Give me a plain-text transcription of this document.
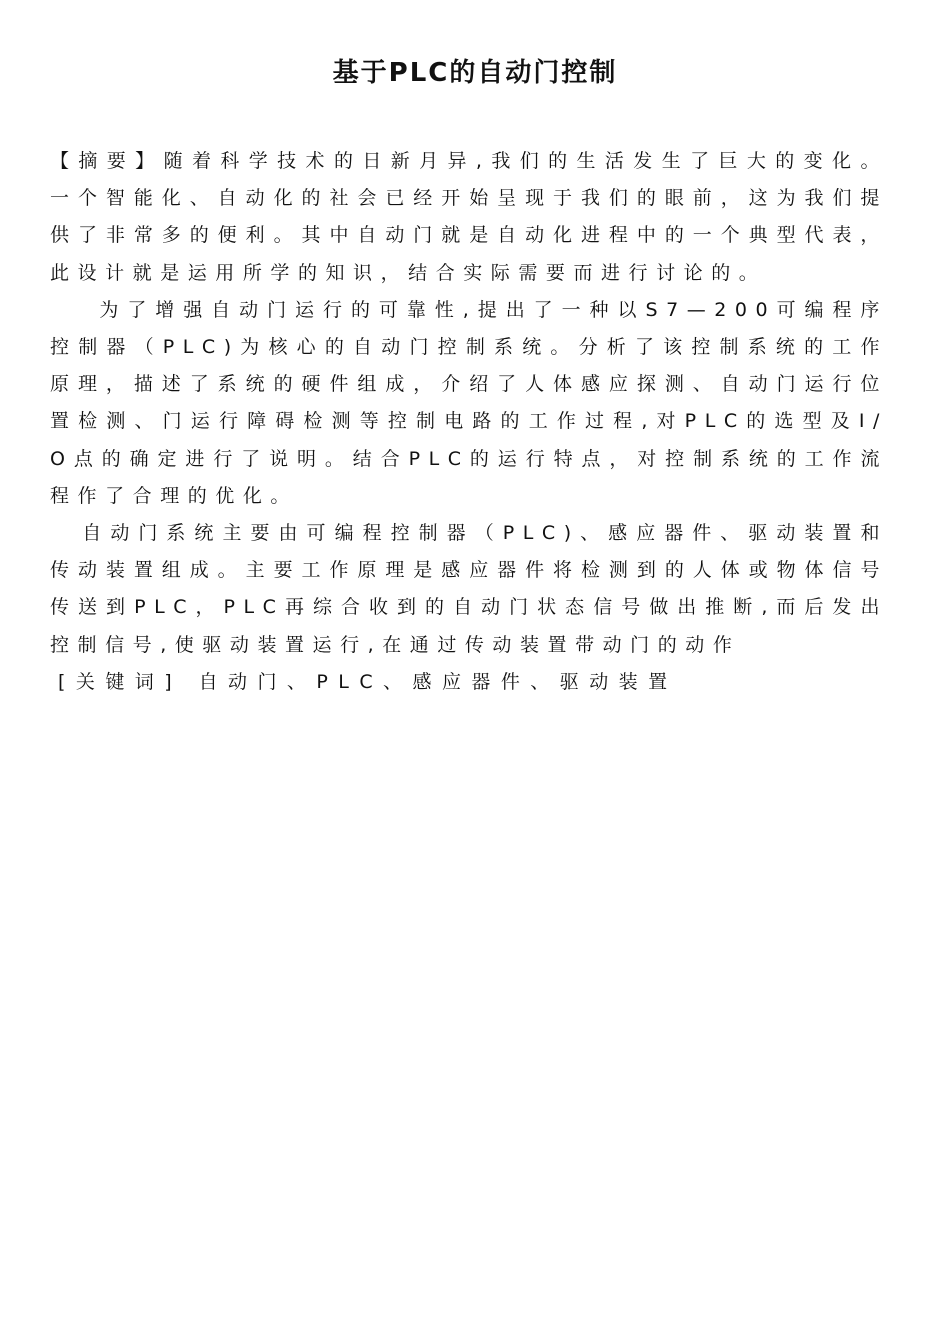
基于PLC的自动门控制

【摘要】随着科学技术的日新月异,我们的生活发生了巨大的变化。一个智能化、自动化的社会已经开始呈现于我们的眼前，这为我们提供了非常多的便利。其中自动门就是自动化进程中的一个典型代表，此设计就是运用所学的知识，结合实际需要而进行讨论的。

为了增强自动门运行的可靠性,提出了一种以S7—200可编程序控制器（PLC)为核心的自动门控制系统。分析了该控制系统的工作原理，描述了系统的硬件组成，介绍了人体感应探测、自动门运行位置检测、门运行障碍检测等控制电路的工作过程,对PLC的选型及I/O点的确定进行了说明。结合PLC的运行特点，对控制系统的工作流程作了合理的优化。

自动门系统主要由可编程控制器（PLC)、感应器件、驱动装置和传动装置组成。主要工作原理是感应器件将检测到的人体或物体信号传送到PLC，PLC再综合收到的自动门状态信号做出推断,而后发出控制信号,使驱动装置运行,在通过传动装置带动门的动作

[关键词] 自动门、PLC、感应器件、驱动装置
